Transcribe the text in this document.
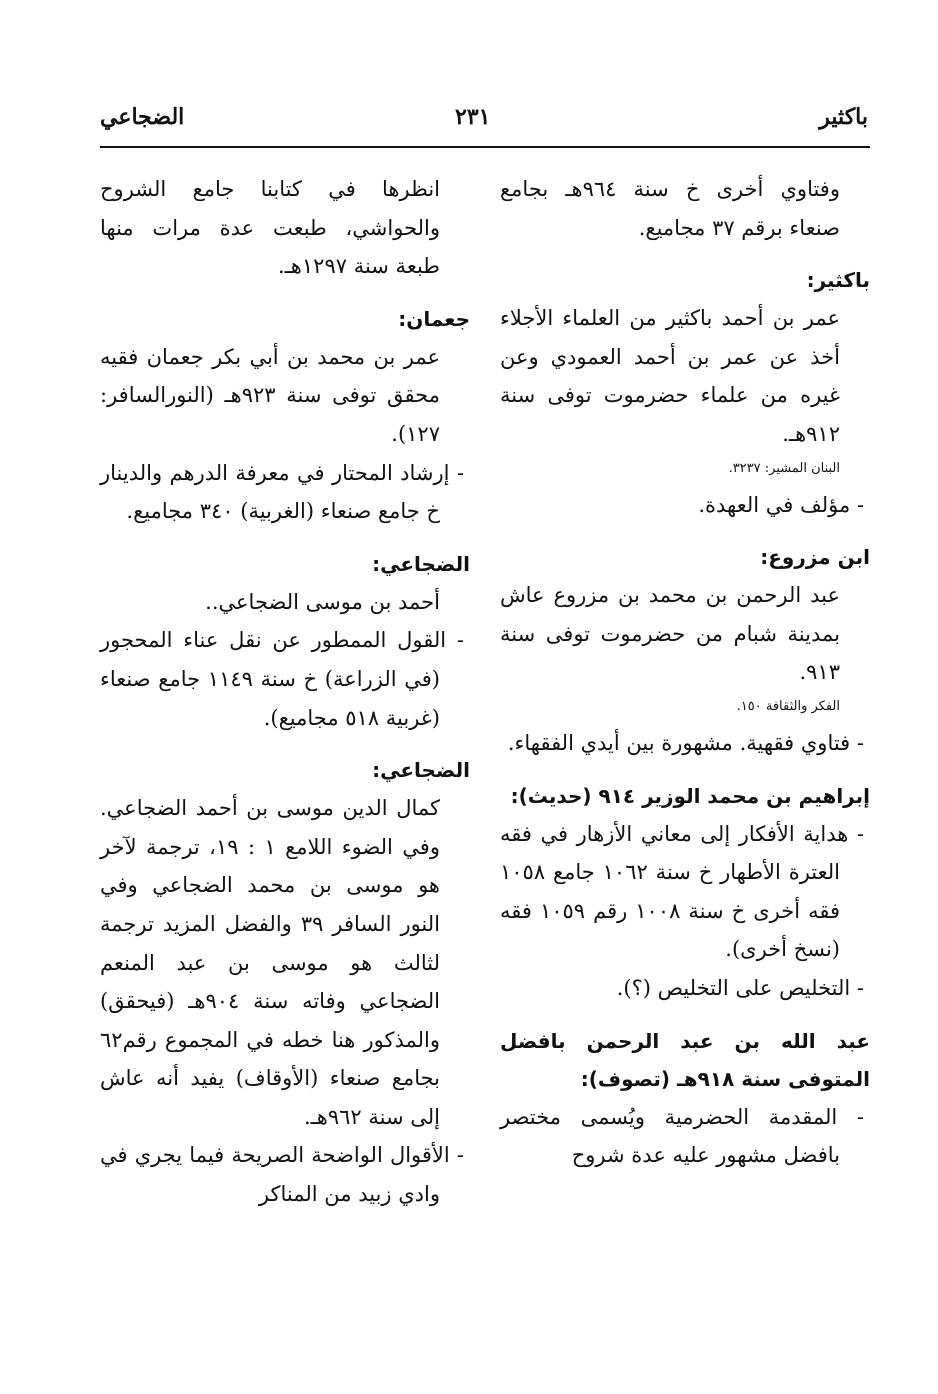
باكثير
٢٣١
الضجاعي

وفتاوي أخرى خ سنة ٩٦٤هـ بجامع صنعاء برقم ٣٧ مجاميع.

باكثير:

عمر بن أحمد باكثير من العلماء الأجلاء أخذ عن عمر بن أحمد العمودي وعن غيره من علماء حضرموت توفى سنة ٩١٢هـ.

البنان المشير: ٣٢٣٧.

- مؤلف في العهدة.

ابن مزروع:

عبد الرحمن بن محمد بن مزروع عاش بمدينة شبام من حضرموت توفى سنة ٩١٣.

الفكر والثقافة ١٥٠.

- فتاوي فقهية. مشهورة بين أيدي الفقهاء.

إبراهيم بن محمد الوزير ٩١٤ (حديث):

- هداية الأفكار إلى معاني الأزهار في فقه العترة الأطهار خ سنة ١٠٦٢ جامع ١٠٥٨ فقه أخرى خ سنة ١٠٠٨ رقم ١٠٥٩ فقه (نسخ أخرى).

- التخليص على التخليص (؟).

عبد الله بن عبد الرحمن بافضل المتوفى سنة ٩١٨هـ (تصوف):

- المقدمة الحضرمية ويُسمى مختصر بافضل مشهور عليه عدة شروح

انظرها في كتابنا جامع الشروح والحواشي، طبعت عدة مرات منها طبعة سنة ١٢٩٧هـ.

جعمان:

عمر بن محمد بن أبي بكر جعمان فقيه محقق توفى سنة ٩٢٣هـ (النورالسافر: ١٢٧).

- إرشاد المحتار في معرفة الدرهم والدينار خ جامع صنعاء (الغربية) ٣٤٠ مجاميع.

الضجاعي:

أحمد بن موسى الضجاعي..

- القول الممطور عن نقل عناء المحجور (في الزراعة) خ سنة ١١٤٩ جامع صنعاء (غربية ٥١٨ مجاميع).

الضجاعي:

كمال الدين موسى بن أحمد الضجاعي. وفي الضوء اللامع ١ : ١٩، ترجمة لآخر هو موسى بن محمد الضجاعي وفي النور السافر ٣٩ والفضل المزيد ترجمة لثالث هو موسى بن عبد المنعم الضجاعي وفاته سنة ٩٠٤هـ (فيحقق) والمذكور هنا خطه في المجموع رقم٦٢ بجامع صنعاء (الأوقاف) يفيد أنه عاش إلى سنة ٩٦٢هـ.

- الأقوال الواضحة الصريحة فيما يجري في وادي زبيد من المناكر
